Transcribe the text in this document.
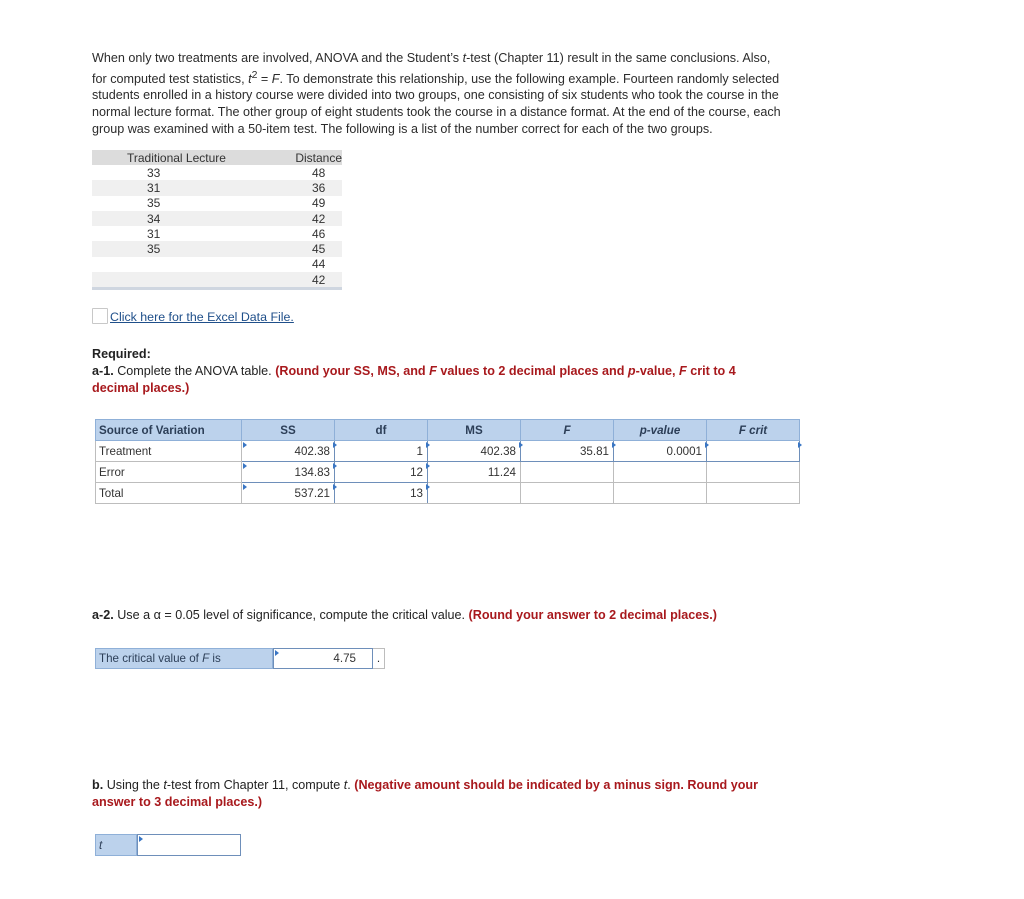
When only two treatments are involved, ANOVA and the Student’s t-test (Chapter 11) result in the same conclusions. Also, for computed test statistics, $t^2 = F$. To demonstrate this relationship, use the following example. Fourteen randomly selected students enrolled in a history course were divided into two groups, one consisting of six students who took the course in the normal lecture format. The other group of eight students took the course in a distance format. At the end of the course, each group was examined with a 50-item test. The following is a list of the number correct for each of the two groups.
Traditional Lecture	Distance
33	48
31	36
35	49
34	42
31	46
35	45
	44
	42
Click here for the Excel Data File.
Required:
a-1. Complete the ANOVA table. (Round your SS, MS, and F values to 2 decimal places and p-value, F crit to 4 decimal places.)
Source of Variation	SS	df	MS	F	p-value	F crit
Treatment	402.38	1	402.38	35.81	0.0001	
Error	134.83	12	11.24			
Total	537.21	13				
a-2. Use a α = 0.05 level of significance, compute the critical value. (Round your answer to 2 decimal places.)
The critical value of F is	4.75	.
b. Using the t-test from Chapter 11, compute t. (Negative amount should be indicated by a minus sign. Round your answer to 3 decimal places.)
t
